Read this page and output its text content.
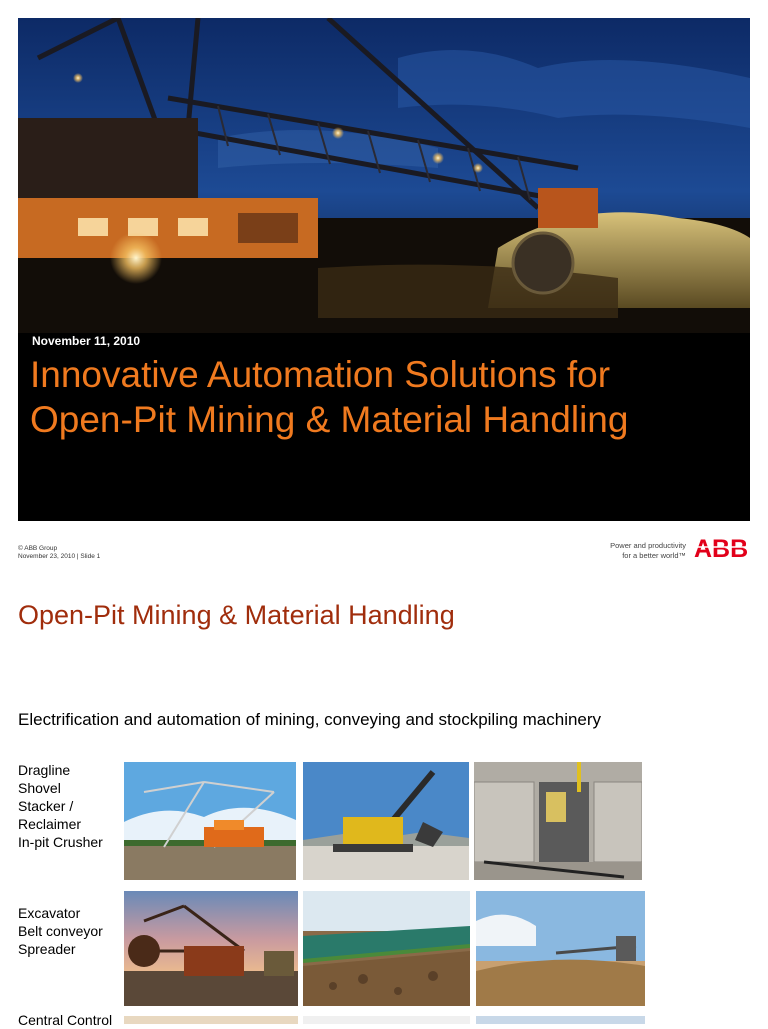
November 11, 2010
Innovative Automation Solutions for
Open-Pit Mining & Material Handling
© ABB Group
November 23, 2010 | Slide 1
Power and productivity
for a better world™ ABB
Open-Pit Mining & Material Handling
Electrification and automation of mining, conveying and stockpiling machinery
Dragline
Shovel
Stacker /
Reclaimer
In-pit Crusher
Excavator
Belt conveyor
Spreader
Central Control
